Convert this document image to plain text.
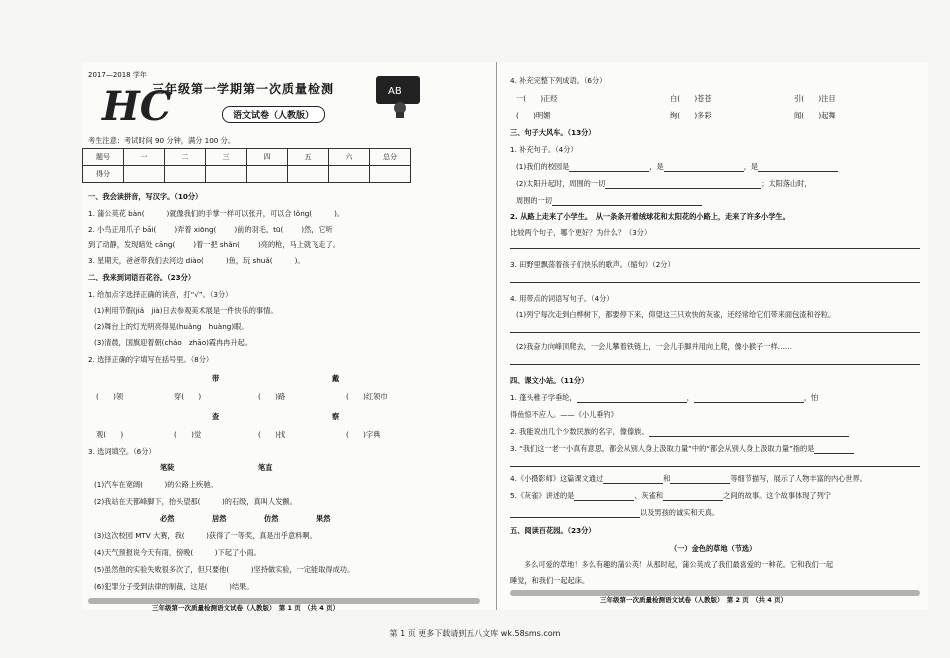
2017—2018 学年
HC
三年级第一学期第一次质量检测	AB
语文试卷（人教版）
考生注意：考试时间 90 分钟，满分 100 分。
题号	一	二	三	四	五	六	总分
得分							
一、我会读拼音，写汉字。（10分）
1. 蒲公英花 bàn(	)就像我们的手掌一样可以张开，可以合 lǒng(	)。
2. 小鸟正用爪子 bāi(	)弄着 xiōng(	)前的羽毛，tū(	)然，它听
到了动静，发现暗处 cāng(	)着一把 shǎn(	)亮的枪，马上就飞走了。
3. 星期天，爸爸带我们去河边 diào(	)鱼，玩 shuǎ(	)。
二、我来到词语百花谷。（23分）
1. 给加点字选择正确的读音，打“√”。（3分）
(1)利用节假(jiǎ　jià)日去参观美术展是一件快乐的事情。
(2)舞台上的灯光明亮得晃(huǎng　huàng)眼。
(3)清晨，国旗迎着朝(cháo　zhāo)霞冉冉升起。
2. 选择正确的字填写在括号里。（8分）
带	戴
(　　)领	穿(　　)	(　　)路	(　　)红领巾
查	察
观(　　)	(　　)觉	(　　)找	(　　)字典
3. 选词填空。（6分）
笔陡	笔直
(1)汽车在宽阔(　　　)的公路上疾驰。
(2)我站在天都峰脚下，抬头望那(　　　)的石级，真叫人发颤。
必然	居然	仿然	果然
(3)这次校园 MTV 大赛，我(　　　)获得了一等奖，真是出乎意料啊。
(4)天气预报说今天有雨，傍晚(　　　)下起了小雨。
(5)虽然他的实验失败很多次了，但只要他(　　　)坚持做实验，一定能取得成功。
(6)犯罪分子受到法律的制裁，这是(　　　)结果。
三年级第一次质量检测语文试卷（人教版）　第 1 页　（共 4 页）
4. 补充完整下列成语。（6分）
一(　　)正经	白(　　)苍苍	引(　　)注目
(　　)明媚	绚(　　)多彩	闻(　　)起舞
三、句子大风车。（13分）
1. 补充句子。（4分）
(1)我们的校园是	，是	，是
(2)太阳升起时，周围的一切	；太阳落山时，
周围的一切
2. 从路上走来了小学生。　从一条条开着绒球花和太阳花的小路上，走来了许多小学生。
比较两个句子，哪个更好？为什么？（3分）
3. 田野里飘荡着孩子们快乐的歌声。（缩句）（2分）
4. 用带点的词语写句子。（4分）
(1)列宁每次走到白桦树下，都要停下来，仰望这三只欢快的灰雀，还经常给它们带来面包渣和谷粒。
(2)我奋力向峰顶爬去，一会儿攀着铁链上，一会儿手脚并用向上爬，像小猴子一样……
四、课文小站。（11分）
1. 蓬头稚子学垂纶，	，	，怕
得鱼惊不应人。——《小儿垂钓》
2. 我能说出几个少数民族的名字，像傣族、
3. “我们这一老一小真有意思，都会从别人身上汲取力量”中的“都会从别人身上汲取力量”指的是
4.《小摄影师》这篇课文通过	和	等细节描写，展示了人物丰富的内心世界。
5.《灰雀》讲述的是	、灰雀和	之间的故事。这个故事体现了列宁
以及男孩的诚实和天真。
五、阅读百花园。（23分）
（一）金色的草地（节选）
多么可爱的草地！多么有趣的蒲公英！从那时起，蒲公英成了我们最喜爱的一种花。它和我们一起
睡觉，和我们一起起床。
三年级第一次质量检测语文试卷（人教版）　第 2 页　（共 4 页）
第 1 页 更多下载请到五八文库 wk.58sms.com
